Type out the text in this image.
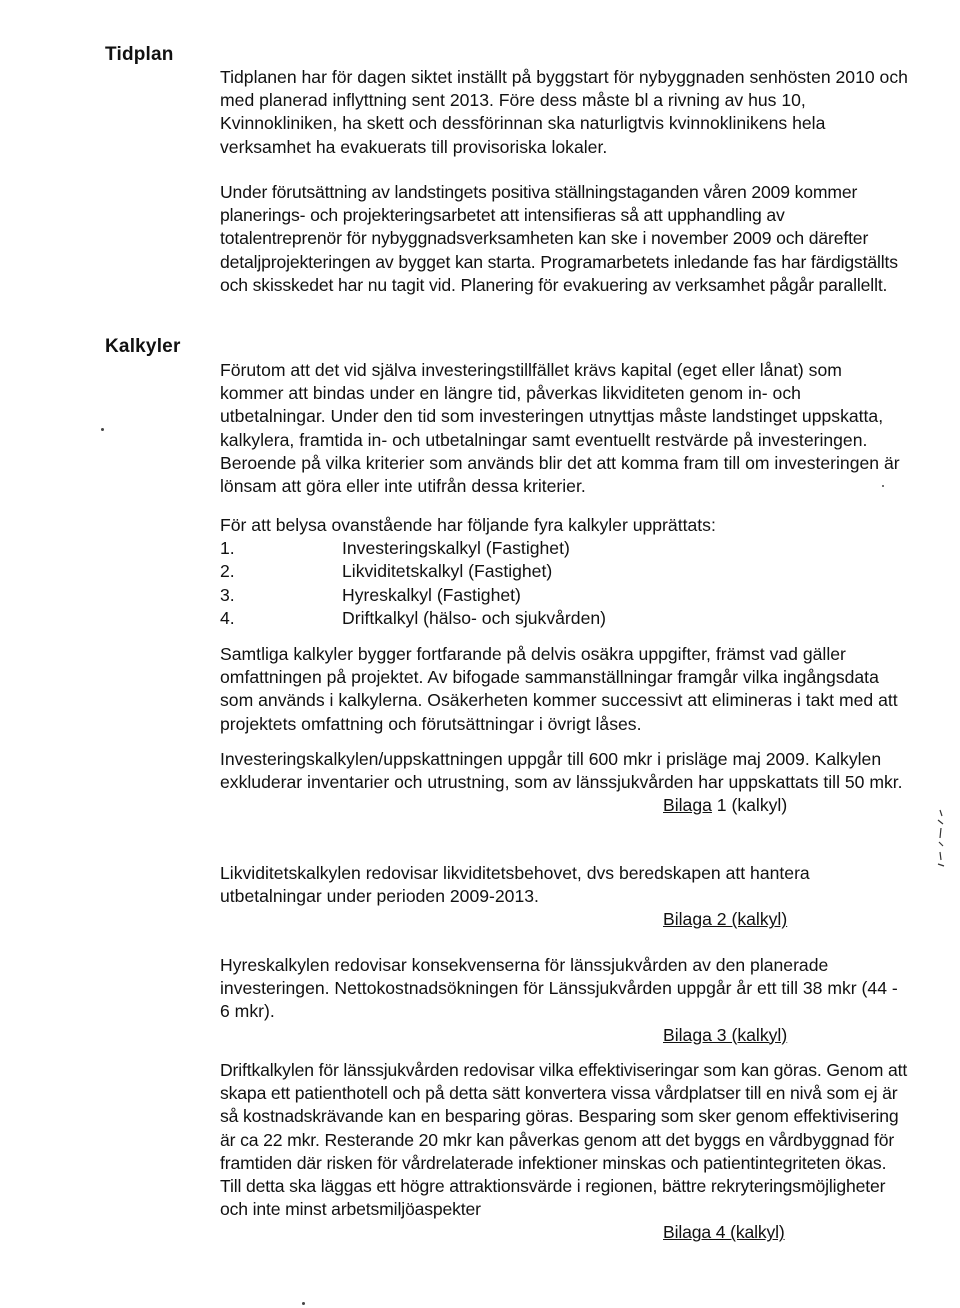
Tidplan

Tidplanen har för dagen siktet inställt på byggstart för nybyggnaden senhösten 2010 och med planerad inflyttning sent 2013. Före dess måste bl a rivning av hus 10, Kvinnokliniken, ha skett och dessförinnan ska naturligtvis kvinnoklinikens hela verksamhet ha evakuerats till provisoriska lokaler.

Under förutsättning av landstingets positiva ställningstaganden våren 2009 kommer planerings- och projekteringsarbetet att intensifieras så att upphandling av totalentreprenör för nybyggnadsverksamheten kan ske i november 2009 och därefter detaljprojekteringen av bygget kan starta. Programarbetets inledande fas har färdigställts och skisskedet har nu tagit vid. Planering för evakuering av verksamhet pågår parallellt.

Kalkyler

Förutom att det vid själva investeringstillfället krävs kapital (eget eller lånat) som kommer att bindas under en längre tid, påverkas likviditeten genom in- och utbetalningar. Under den tid som investeringen utnyttjas måste landstinget uppskatta, kalkylera, framtida in- och utbetalningar samt eventuellt restvärde på investeringen. Beroende på vilka kriterier som används blir det att komma fram till om investeringen är lönsam att göra eller inte utifrån dessa kriterier.

För att belysa ovanstående har följande fyra kalkyler upprättats:

1.	Investeringskalkyl (Fastighet)
2.	Likviditetskalkyl (Fastighet)
3.	Hyreskalkyl (Fastighet)
4.	Driftkalkyl (hälso- och sjukvården)

Samtliga kalkyler bygger fortfarande på delvis osäkra uppgifter, främst vad gäller omfattningen på projektet. Av bifogade sammanställningar framgår vilka ingångsdata som används i kalkylerna. Osäkerheten kommer successivt att elimineras i takt med att projektets omfattning och förutsättningar i övrigt låses.

Investeringskalkylen/uppskattningen uppgår till 600 mkr i prisläge maj 2009. Kalkylen exkluderar inventarier och utrustning, som av länssjukvården har uppskattats till 50 mkr.

Bilaga 1 (kalkyl)

Likviditetskalkylen redovisar likviditetsbehovet, dvs beredskapen att hantera utbetalningar under perioden 2009-2013.

Bilaga 2 (kalkyl)

Hyreskalkylen redovisar konsekvenserna för länssjukvården av den planerade investeringen. Nettokostnadsökningen för Länssjukvården uppgår år ett till 38 mkr (44 - 6 mkr).

Bilaga 3 (kalkyl)

Driftkalkylen för länssjukvården redovisar vilka effektiviseringar som kan göras. Genom att skapa ett patienthotell och på detta sätt konvertera vissa vårdplatser till en nivå som ej är så kostnadskrävande kan en besparing göras. Besparing som sker genom effektivisering är ca 22 mkr. Resterande 20 mkr kan påverkas genom att det byggs en vårdbyggnad för framtiden där risken för vårdrelaterade infektioner minskas och patientintegriteten ökas. Till detta ska läggas ett högre attraktionsvärde i regionen, bättre rekryteringsmöjligheter och inte minst arbetsmiljöaspekter

Bilaga 4 (kalkyl)
